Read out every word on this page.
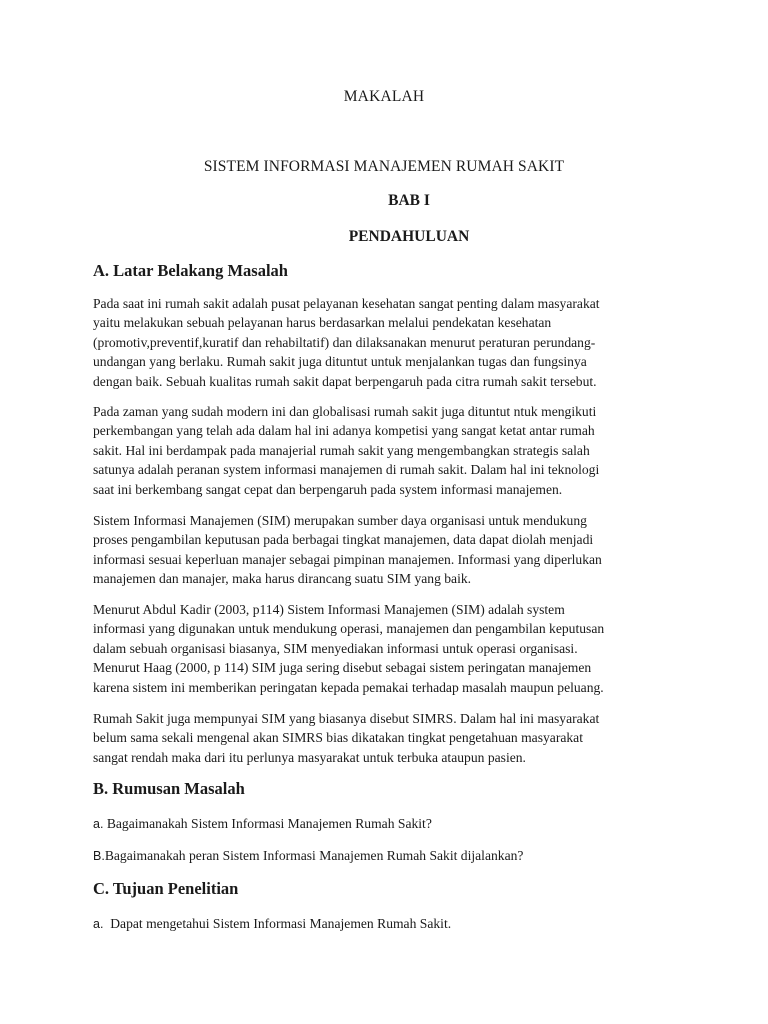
MAKALAH

SISTEM INFORMASI MANAJEMEN RUMAH SAKIT

BAB I

PENDAHULUAN

A. Latar Belakang Masalah
Pada saat ini rumah sakit adalah pusat pelayanan kesehatan sangat penting dalam masyarakat
yaitu melakukan sebuah pelayanan harus berdasarkan melalui pendekatan kesehatan
(promotiv,preventif,kuratif dan rehabiltatif) dan dilaksanakan menurut peraturan perundang-
undangan yang berlaku. Rumah sakit juga dituntut untuk menjalankan tugas dan fungsinya
dengan baik. Sebuah kualitas rumah sakit dapat berpengaruh pada citra rumah sakit tersebut.
Pada zaman yang sudah modern ini dan globalisasi rumah sakit juga dituntut ntuk mengikuti
perkembangan yang telah ada dalam hal ini adanya kompetisi yang sangat ketat antar rumah
sakit. Hal ini berdampak pada manajerial rumah sakit yang mengembangkan strategis salah
satunya adalah peranan system informasi manajemen di rumah sakit. Dalam hal ini teknologi
saat ini berkembang sangat cepat dan berpengaruh pada system informasi manajemen.
Sistem Informasi Manajemen (SIM) merupakan sumber daya organisasi untuk mendukung
proses pengambilan keputusan pada berbagai tingkat manajemen, data dapat diolah menjadi
informasi sesuai keperluan manajer sebagai pimpinan manajemen. Informasi yang diperlukan
manajemen dan manajer, maka harus dirancang suatu SIM yang baik.
Menurut Abdul Kadir (2003, p114) Sistem Informasi Manajemen (SIM) adalah system
informasi yang digunakan untuk mendukung operasi, manajemen dan pengambilan keputusan
dalam sebuah organisasi biasanya, SIM menyediakan informasi untuk operasi organisasi.
Menurut Haag (2000, p 114) SIM juga sering disebut sebagai sistem peringatan manajemen
karena sistem ini memberikan peringatan kepada pemakai terhadap masalah maupun peluang.
Rumah Sakit juga mempunyai SIM yang biasanya disebut SIMRS. Dalam hal ini masyarakat
belum sama sekali mengenal akan SIMRS bias dikatakan tingkat pengetahuan masyarakat
sangat rendah maka dari itu perlunya masyarakat untuk terbuka ataupun pasien.
B. Rumusan Masalah

a. Bagaimanakah Sistem Informasi Manajemen Rumah Sakit?

B.Bagaimanakah peran Sistem Informasi Manajemen Rumah Sakit dijalankan?

C. Tujuan Penelitian

a.  Dapat mengetahui Sistem Informasi Manajemen Rumah Sakit.
